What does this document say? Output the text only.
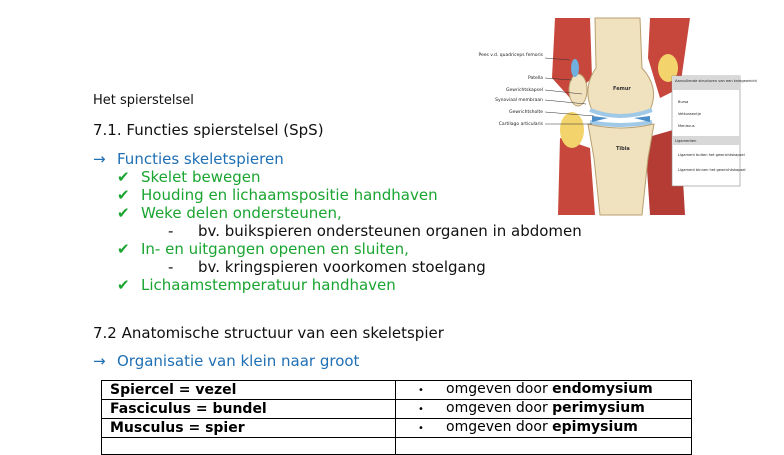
Pees v.d. quadriceps femoris
Patella
Gewrichtskapsel
Synoviaal membraan
Gewrichtsholte
Cartilago articularis
Femur
Tibia
Aanvullende structuren van een kniegewricht
Bursa
Vetkussentje
Meniscus
Ligamenten
Ligament buiten het gewrichtskapsel
Ligament binnen het gewrichtskapsel
Het spierstelsel
7.1. Functies spierstelsel (SpS)
→ Functies skeletspieren
✔ Skelet bewegen
✔ Houding en lichaamspositie handhaven
✔ Weke delen ondersteunen,
- bv. buikspieren ondersteunen organen in abdomen
✔ In- en uitgangen openen en sluiten,
- bv. kringspieren voorkomen stoelgang
✔ Lichaamstemperatuur handhaven
7.2 Anatomische structuur van een skeletspier
→ Organisatie van klein naar groot
Spiercel = vezel	• omgeven door endomysium
Fasciculus = bundel	• omgeven door perimysium
Musculus = spier	• omgeven door epimysium
